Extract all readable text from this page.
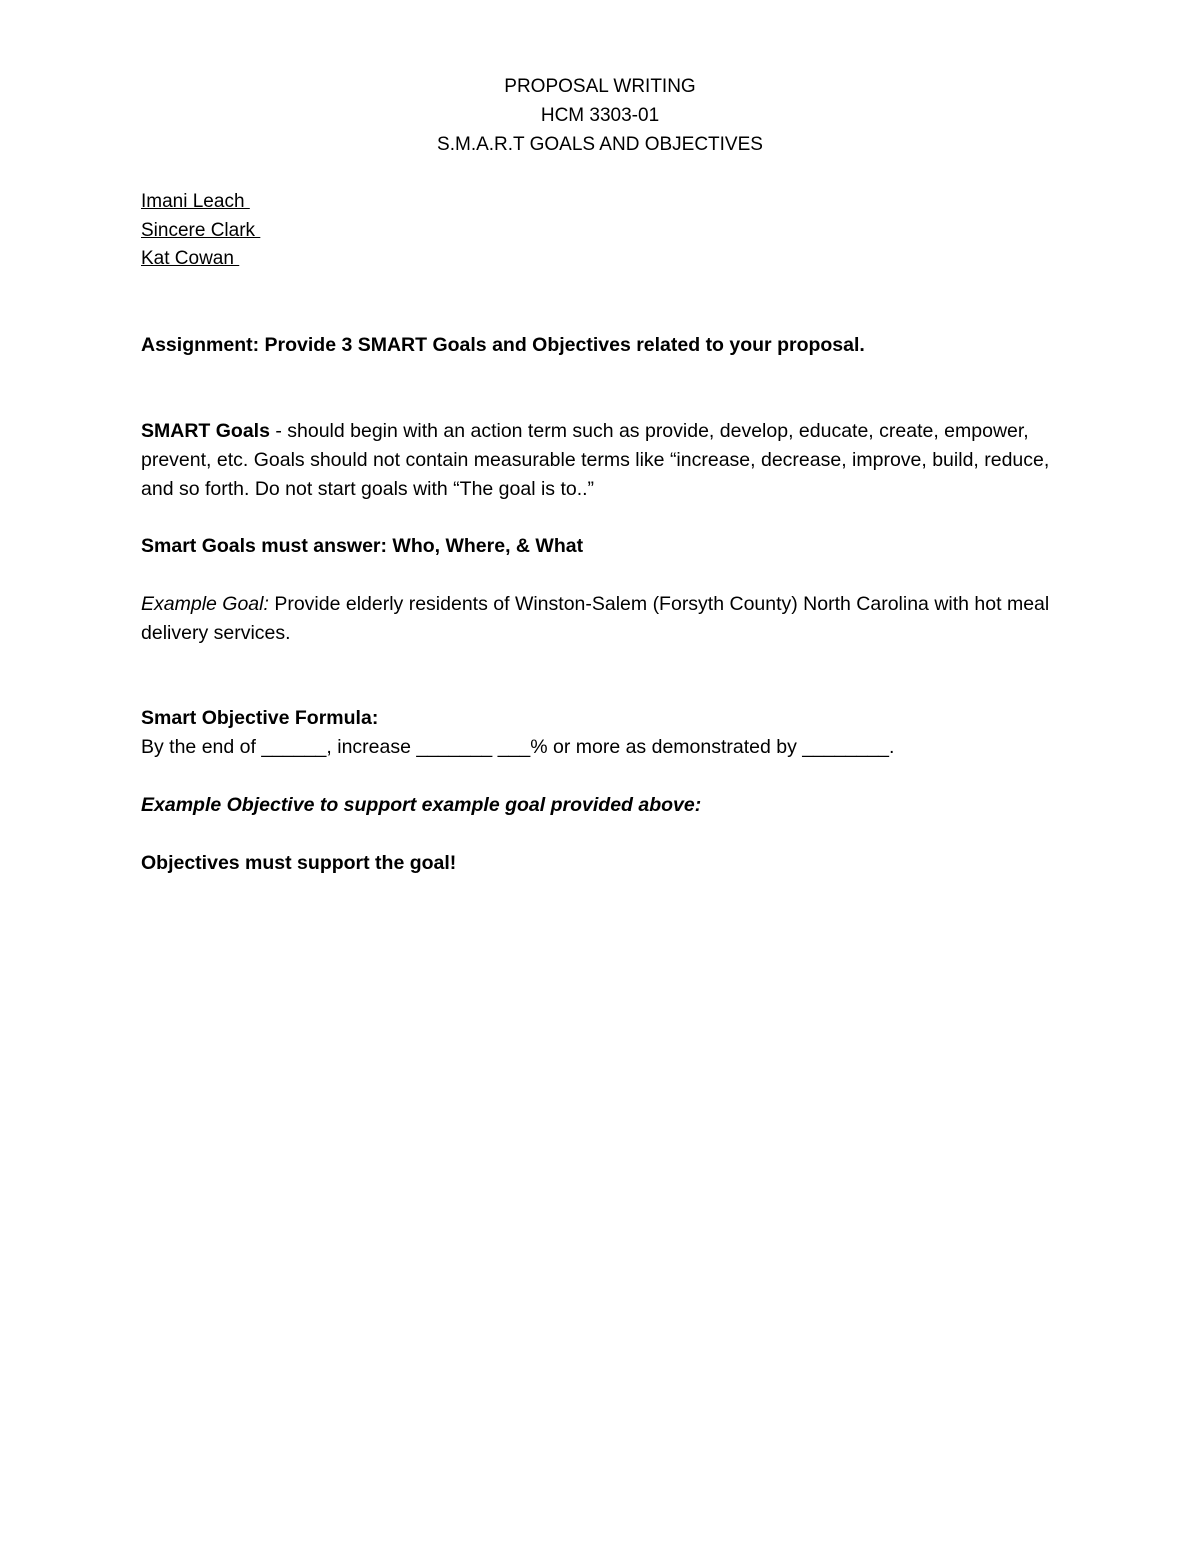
PROPOSAL WRITING
HCM 3303-01
S.M.A.R.T GOALS AND OBJECTIVES
Imani Leach
Sincere Clark
Kat Cowan
Assignment: Provide 3 SMART Goals and Objectives related to your proposal.

SMART Goals - should begin with an action term such as provide, develop, educate, create, empower, prevent, etc. Goals should not contain measurable terms like “increase, decrease, improve, build, reduce, and so forth. Do not start goals with “The goal is to..”

Smart Goals must answer: Who, Where, & What

Example Goal: Provide elderly residents of Winston-Salem (Forsyth County) North Carolina with hot meal delivery services.

Smart Objective Formula:
By the end of ______, increase _______ ___% or more as demonstrated by ________.
Example Objective to support example goal provided above:
Objectives must support the goal!
